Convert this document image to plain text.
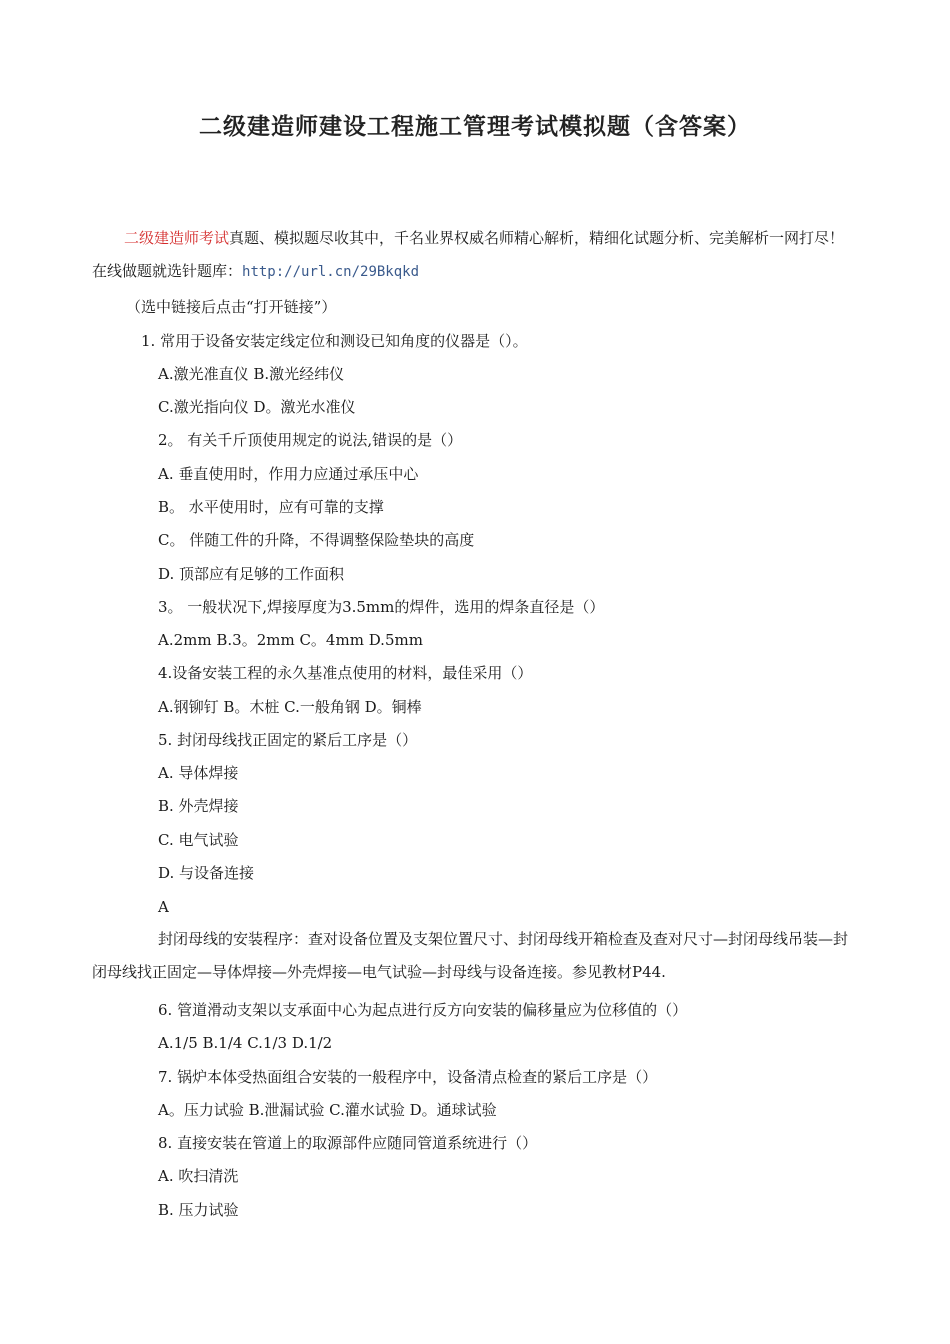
二级建造师建设工程施工管理考试模拟题（含答案）
二级建造师考试真题、模拟题尽收其中，千名业界权威名师精心解析，精细化试题分析、完美解析一网打尽！在线做题就选针题库：http://url.cn/29Bkqkd
（选中链接后点击“打开链接”）
1. 常用于设备安装定线定位和测设已知角度的仪器是（）。
A.激光准直仪 B.激光经纬仪
C.激光指向仪 D。激光水准仪
2。 有关千斤顶使用规定的说法,错误的是（）
A. 垂直使用时，作用力应通过承压中心
B。 水平使用时，应有可靠的支撑
C。 伴随工件的升降，不得调整保险垫块的高度
D. 顶部应有足够的工作面积
3。 一般状况下,焊接厚度为3.5mm的焊件，选用的焊条直径是（）
A.2mm B.3。2mm C。4mm D.5mm
4.设备安装工程的永久基准点使用的材料，最佳采用（）
A.钢铆钉 B。木桩 C.一般角钢 D。铜棒
5. 封闭母线找正固定的紧后工序是（）
A. 导体焊接
B. 外壳焊接
C. 电气试验
D. 与设备连接
A
封闭母线的安装程序：查对设备位置及支架位置尺寸、封闭母线开箱检查及查对尺寸—封闭母线吊装—封闭母线找正固定—导体焊接—外壳焊接—电气试验—封母线与设备连接。参见教材P44.
6. 管道滑动支架以支承面中心为起点进行反方向安装的偏移量应为位移值的（）
A.1/5 B.1/4 C.1/3 D.1/2
7. 锅炉本体受热面组合安装的一般程序中，设备清点检查的紧后工序是（）
A。压力试验 B.泄漏试验 C.灌水试验 D。通球试验
8. 直接安装在管道上的取源部件应随同管道系统进行（）
A. 吹扫清洗
B. 压力试验
